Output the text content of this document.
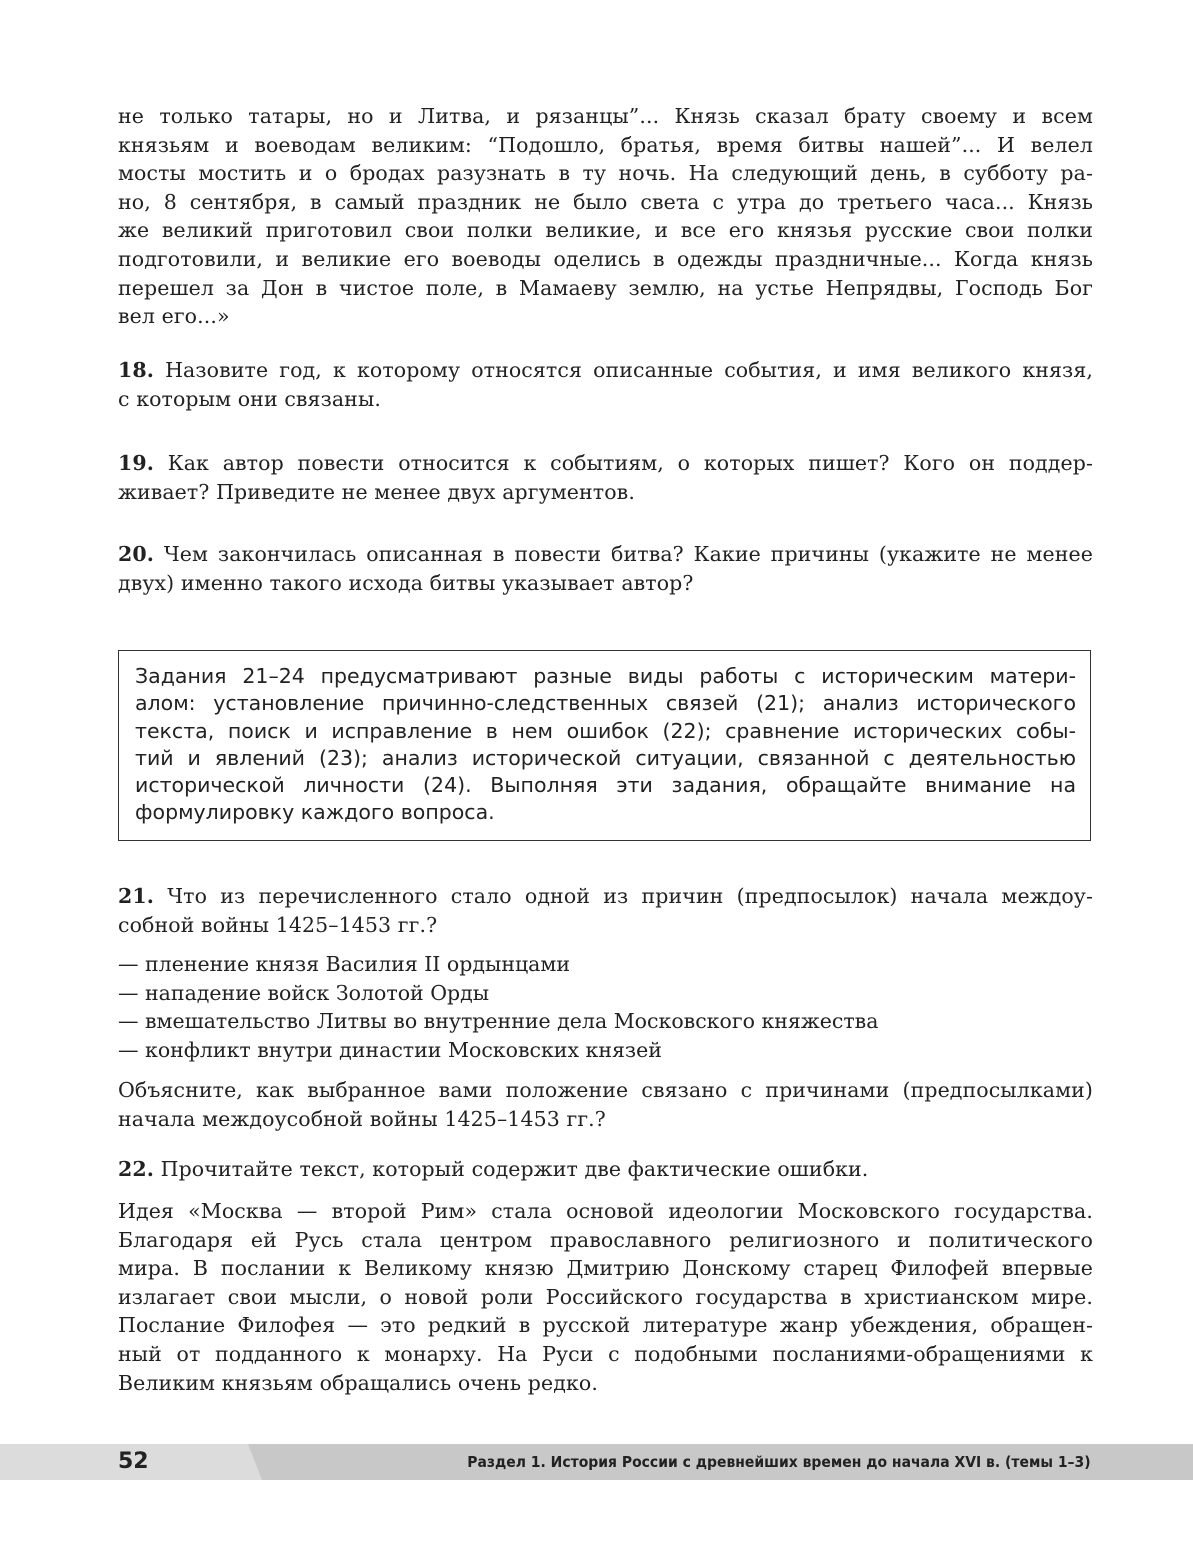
не только татары, но и Литва, и рязанцы”... Князь сказал брату своему и всем
князьям и воеводам великим: “Подошло, братья, время битвы нашей”... И велел
мосты мостить и о бродах разузнать в ту ночь. На следующий день, в субботу ра-
но, 8 сентября, в самый праздник не было света с утра до третьего часа... Князь
же великий приготовил свои полки великие, и все его князья русские свои полки
подготовили, и великие его воеводы оделись в одежды праздничные... Когда князь
перешел за Дон в чистое поле, в Мамаеву землю, на устье Непрядвы, Господь Бог
вел его...»
18. Назовите год, к которому относятся описанные события, и имя великого князя,
с которым они связаны.
19. Как автор повести относится к событиям, о которых пишет? Кого он поддер-
живает? Приведите не менее двух аргументов.
20. Чем закончилась описанная в повести битва? Какие причины (укажите не менее
двух) именно такого исхода битвы указывает автор?
Задания 21–24 предусматривают разные виды работы с историческим матери-
алом: установление причинно-следственных связей (21); анализ исторического
текста, поиск и исправление в нем ошибок (22); сравнение исторических собы-
тий и явлений (23); анализ исторической ситуации, связанной с деятельностью
исторической личности (24). Выполняя эти задания, обращайте внимание на
формулировку каждого вопроса.
21. Что из перечисленного стало одной из причин (предпосылок) начала междоу-
собной войны 1425–1453 гг.?
— пленение князя Василия II ордынцами
— нападение войск Золотой Орды
— вмешательство Литвы во внутренние дела Московского княжества
— конфликт внутри династии Московских князей
Объясните, как выбранное вами положение связано с причинами (предпосылками)
начала междоусобной войны 1425–1453 гг.?
22. Прочитайте текст, который содержит две фактические ошибки.
Идея «Москва — второй Рим» стала основой идеологии Московского государства.
Благодаря ей Русь стала центром православного религиозного и политического
мира. В послании к Великому князю Дмитрию Донскому старец Филофей впервые
излагает свои мысли, о новой роли Российского государства в христианском мире.
Послание Филофея — это редкий в русской литературе жанр убеждения, обращен-
ный от подданного к монарху. На Руси с подобными посланиями-обращениями к
Великим князьям обращались очень редко.
52	Раздел 1. История России с древнейших времен до начала XVI в. (темы 1–3)
